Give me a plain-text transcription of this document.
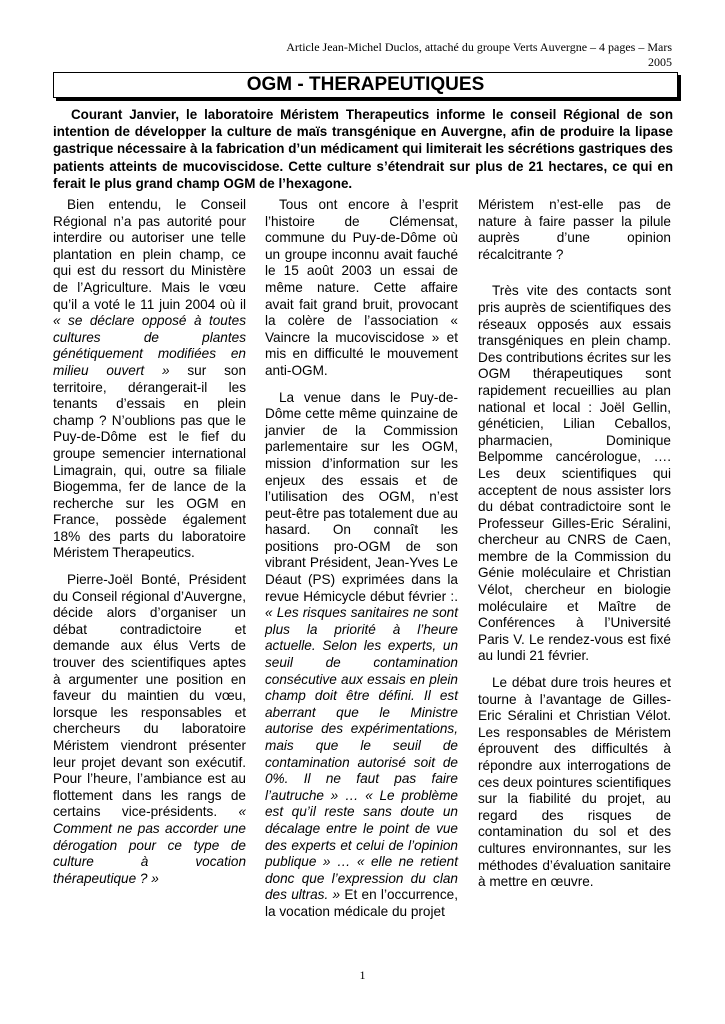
Article Jean-Michel Duclos, attaché du groupe Verts Auvergne – 4 pages – Mars 2005
OGM - THERAPEUTIQUES
Courant Janvier, le laboratoire Méristem Therapeutics informe le conseil Régional de son intention de développer la culture de maïs transgénique en Auvergne, afin de produire la lipase gastrique nécessaire à la fabrication d’un médicament qui limiterait les sécrétions gastriques des patients atteints de mucoviscidose. Cette culture s’étendrait sur plus de 21 hectares, ce qui en ferait le plus grand champ OGM de l’hexagone.

Bien entendu, le Conseil Régional n’a pas autorité pour interdire ou autoriser une telle plantation en plein champ, ce qui est du ressort du Ministère de l’Agriculture. Mais le vœu qu’il a voté le 11 juin 2004 où il « se déclare opposé à toutes cultures de plantes génétiquement modifiées en milieu ouvert » sur son territoire, dérangerait-il les tenants d’essais en plein champ ? N’oublions pas que le Puy-de-Dôme est le fief du groupe semencier international Limagrain, qui, outre sa filiale Biogemma, fer de lance de la recherche sur les OGM en France, possède également 18% des parts du laboratoire Méristem Therapeutics.

Pierre-Joël Bonté, Président du Conseil régional d’Auvergne, décide alors d’organiser un débat contradictoire et demande aux élus Verts de trouver des scientifiques aptes à argumenter une position en faveur du maintien du vœu, lorsque les responsables et chercheurs du laboratoire Méristem viendront présenter leur projet devant son exécutif. Pour l’heure, l’ambiance est au flottement dans les rangs de certains vice-présidents. « Comment ne pas accorder une dérogation pour ce type de culture à vocation thérapeutique ? »

Tous ont encore à l’esprit l’histoire de Clémensat, commune du Puy-de-Dôme où un groupe inconnu avait fauché le 15 août 2003 un essai de même nature. Cette affaire avait fait grand bruit, provocant la colère de l’association « Vaincre la mucoviscidose » et mis en difficulté le mouvement anti-OGM.

La venue dans le Puy-de-Dôme cette même quinzaine de janvier de la Commission parlementaire sur les OGM, mission d’information sur les enjeux des essais et de l’utilisation des OGM, n’est peut-être pas totalement due au hasard. On connaît les positions pro-OGM de son vibrant Président, Jean-Yves Le Déaut (PS) exprimées dans la revue Hémicycle début février :. « Les risques sanitaires ne sont plus la priorité à l’heure actuelle. Selon les experts, un seuil de contamination consécutive aux essais en plein champ doit être défini. Il est aberrant que le Ministre autorise des expérimentations, mais que le seuil de contamination autorisé soit de 0%. Il ne faut pas faire l’autruche » … « Le problème est qu’il reste sans doute un décalage entre le point de vue des experts et celui de l’opinion publique » … « elle ne retient donc que l’expression du clan des ultras. » Et en l’occurrence, la vocation médicale du projet

Méristem n’est-elle pas de nature à faire passer la pilule auprès d’une opinion récalcitrante ?

Très vite des contacts sont pris auprès de scientifiques des réseaux opposés aux essais transgéniques en plein champ. Des contributions écrites sur les OGM thérapeutiques sont rapidement recueillies au plan national et local : Joël Gellin, généticien, Lilian Ceballos, pharmacien, Dominique Belpomme cancérologue, …. Les deux scientifiques qui acceptent de nous assister lors du débat contradictoire sont le Professeur Gilles-Eric Séralini, chercheur au CNRS de Caen, membre de la Commission du Génie moléculaire et Christian Vélot, chercheur en biologie moléculaire et Maître de Conférences à l’Université Paris V. Le rendez-vous est fixé au lundi 21 février.

Le débat dure trois heures et tourne à l’avantage de Gilles-Eric Séralini et Christian Vélot. Les responsables de Méristem éprouvent des difficultés à répondre aux interrogations de ces deux pointures scientifiques sur la fiabilité du projet, au regard des risques de contamination du sol et des cultures environnantes, sur les méthodes d’évaluation sanitaire à mettre en œuvre.

1
